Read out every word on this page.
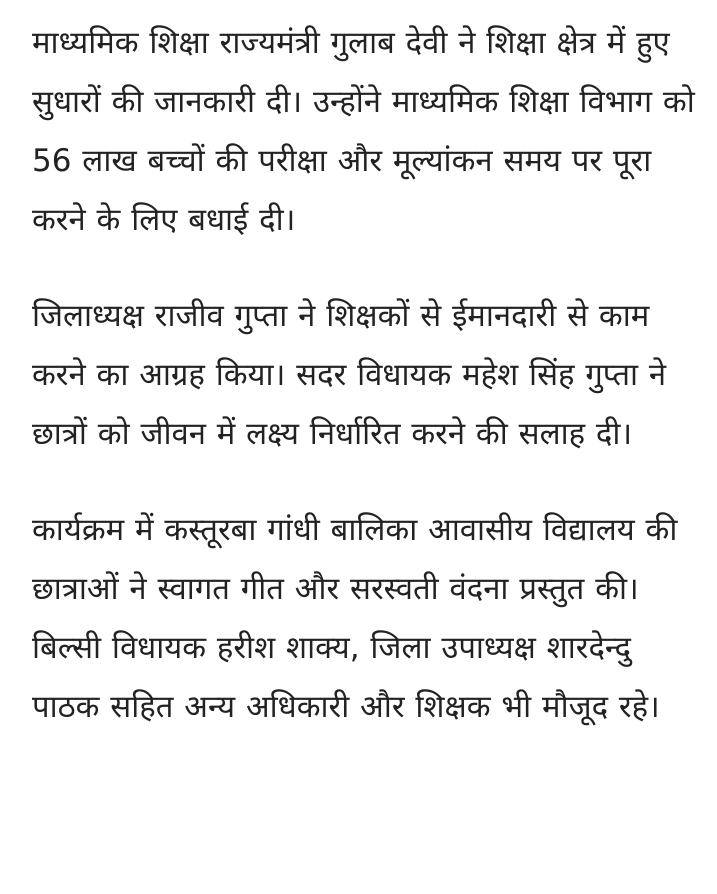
माध्यमिक शिक्षा राज्यमंत्री गुलाब देवी ने शिक्षा क्षेत्र में हुए सुधारों की जानकारी दी। उन्होंने माध्यमिक शिक्षा विभाग को 56 लाख बच्चों की परीक्षा और मूल्यांकन समय पर पूरा करने के लिए बधाई दी।

जिलाध्यक्ष राजीव गुप्ता ने शिक्षकों से ईमानदारी से काम करने का आग्रह किया। सदर विधायक महेश सिंह गुप्ता ने छात्रों को जीवन में लक्ष्य निर्धारित करने की सलाह दी।

कार्यक्रम में कस्तूरबा गांधी बालिका आवासीय विद्यालय की छात्राओं ने स्वागत गीत और सरस्वती वंदना प्रस्तुत की। बिल्सी विधायक हरीश शाक्य, जिला उपाध्यक्ष शारदेन्दु पाठक सहित अन्य अधिकारी और शिक्षक भी मौजूद रहे।
